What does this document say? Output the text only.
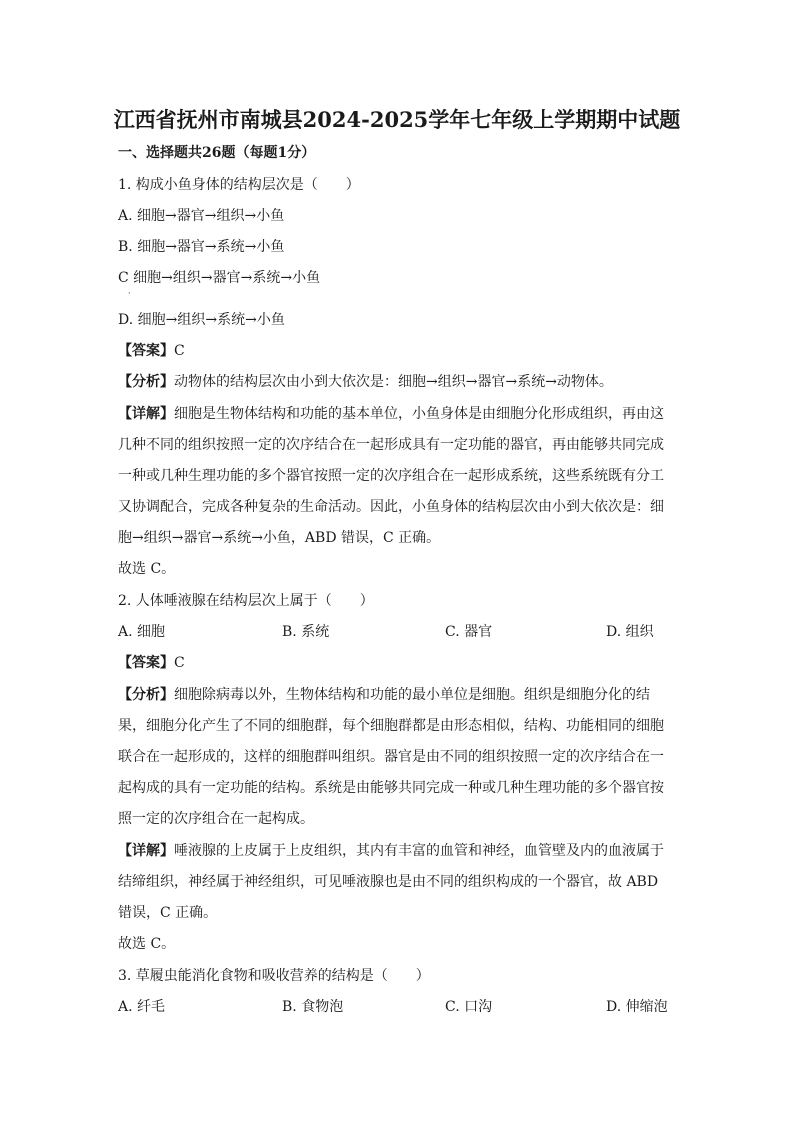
江西省抚州市南城县2024-2025学年七年级上学期期中试题
一、选择题共26题（每题1分）
1. 构成小鱼身体的结构层次是（　　）
A. 细胞→器官→组织→小鱼
B. 细胞→器官→系统→小鱼
C 细胞→组织→器官→系统→小鱼
·
D. 细胞→组织→系统→小鱼
【答案】C
【分析】动物体的结构层次由小到大依次是：细胞→组织→器官→系统→动物体。
【详解】细胞是生物体结构和功能的基本单位，小鱼身体是由细胞分化形成组织，再由这
几种不同的组织按照一定的次序结合在一起形成具有一定功能的器官，再由能够共同完成
一种或几种生理功能的多个器官按照一定的次序组合在一起形成系统，这些系统既有分工
又协调配合，完成各种复杂的生命活动。因此，小鱼身体的结构层次由小到大依次是：细
胞→组织→器官→系统→小鱼，ABD 错误，C 正确。
故选 C。
2. 人体唾液腺在结构层次上属于（　　）
A. 细胞	B. 系统	C. 器官	D. 组织
【答案】C
【分析】细胞除病毒以外，生物体结构和功能的最小单位是细胞。组织是细胞分化的结
果，细胞分化产生了不同的细胞群，每个细胞群都是由形态相似，结构、功能相同的细胞
联合在一起形成的，这样的细胞群叫组织。器官是由不同的组织按照一定的次序结合在一
起构成的具有一定功能的结构。系统是由能够共同完成一种或几种生理功能的多个器官按
照一定的次序组合在一起构成。
【详解】唾液腺的上皮属于上皮组织，其内有丰富的血管和神经，血管壁及内的血液属于
结缔组织，神经属于神经组织，可见唾液腺也是由不同的组织构成的一个器官，故 ABD
错误，C 正确。
故选 C。
3. 草履虫能消化食物和吸收营养的结构是（　　）
A. 纤毛	B. 食物泡	C. 口沟	D. 伸缩泡
